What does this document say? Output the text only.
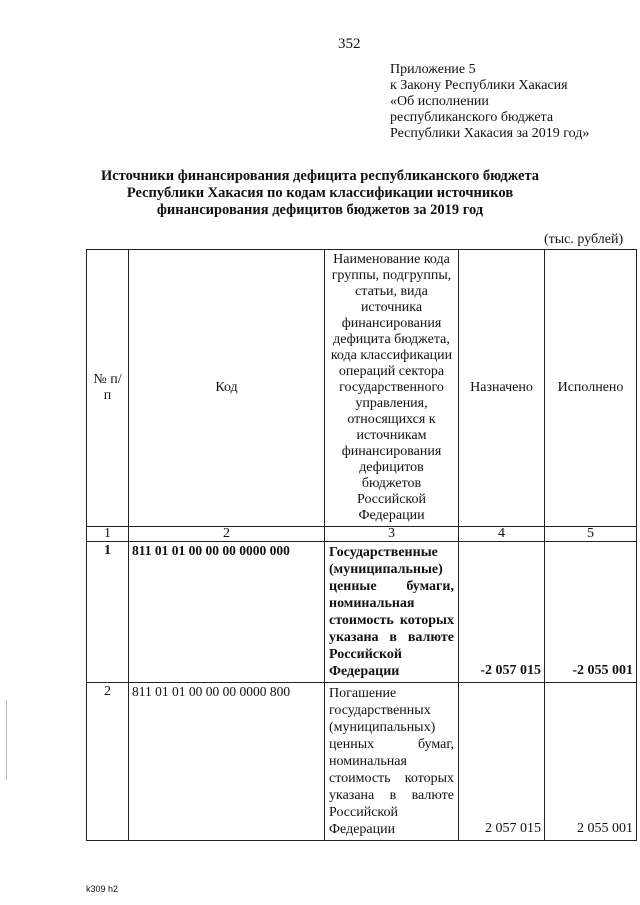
352
Приложение 5
к Закону Республики Хакасия
«Об исполнении
республиканского бюджета
Республики Хакасия за 2019 год»
Источники финансирования дефицита республиканского бюджета
Республики Хакасия по кодам классификации источников
финансирования дефицитов бюджетов за 2019 год
(тыс. рублей)
№ п/п	Код	Наименование кода группы, подгруппы, статьи, вида источника финансирования дефицита бюджета, кода классификации операций сектора государственного управления, относящихся к источникам финансирования дефицитов бюджетов Российской Федерации	Назначено	Исполнено
1	2	3	4	5
1	811 01 01 00 00 00 0000 000	Государственные (муниципальные) ценные бумаги, номинальная стоимость которых указана в валюте Российской Федерации	-2 057 015	-2 055 001
2	811 01 01 00 00 00 0000 800	Погашение государственных (муниципальных) ценных бумаг, номинальная стоимость которых указана в валюте Российской Федерации	2 057 015	2 055 001
k309 h2
